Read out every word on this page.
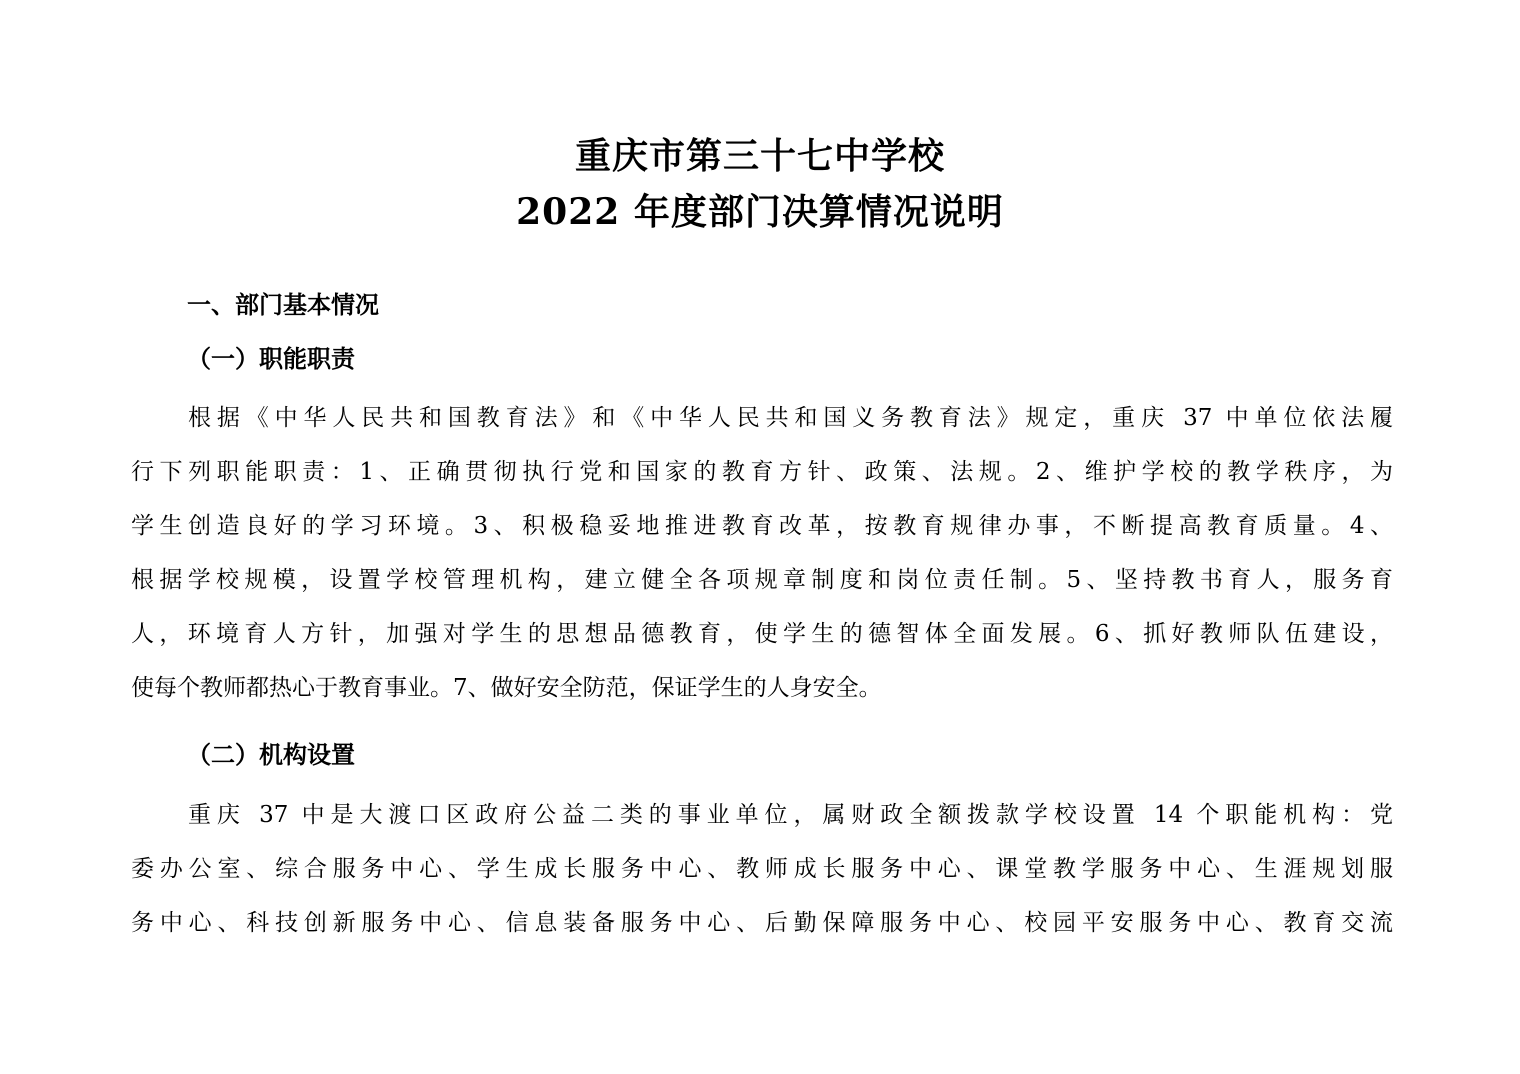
重庆市第三十七中学校
2022 年度部门决算情况说明
一、部门基本情况
（一）职能职责
根据《中华人民共和国教育法》和《中华人民共和国义务教育法》规定，重庆 37 中单位依法履
行下列职能职责：1、正确贯彻执行党和国家的教育方针、政策、法规。2、维护学校的教学秩序，为
学生创造良好的学习环境。3、积极稳妥地推进教育改革，按教育规律办事，不断提高教育质量。4、
根据学校规模，设置学校管理机构，建立健全各项规章制度和岗位责任制。5、坚持教书育人，服务育
人，环境育人方针，加强对学生的思想品德教育，使学生的德智体全面发展。6、抓好教师队伍建设，
使每个教师都热心于教育事业。7、做好安全防范，保证学生的人身安全。
（二）机构设置
重庆 37 中是大渡口区政府公益二类的事业单位，属财政全额拨款学校设置 14 个职能机构：党
委办公室、综合服务中心、学生成长服务中心、教师成长服务中心、课堂教学服务中心、生涯规划服
务中心、科技创新服务中心、信息装备服务中心、后勤保障服务中心、校园平安服务中心、教育交流
